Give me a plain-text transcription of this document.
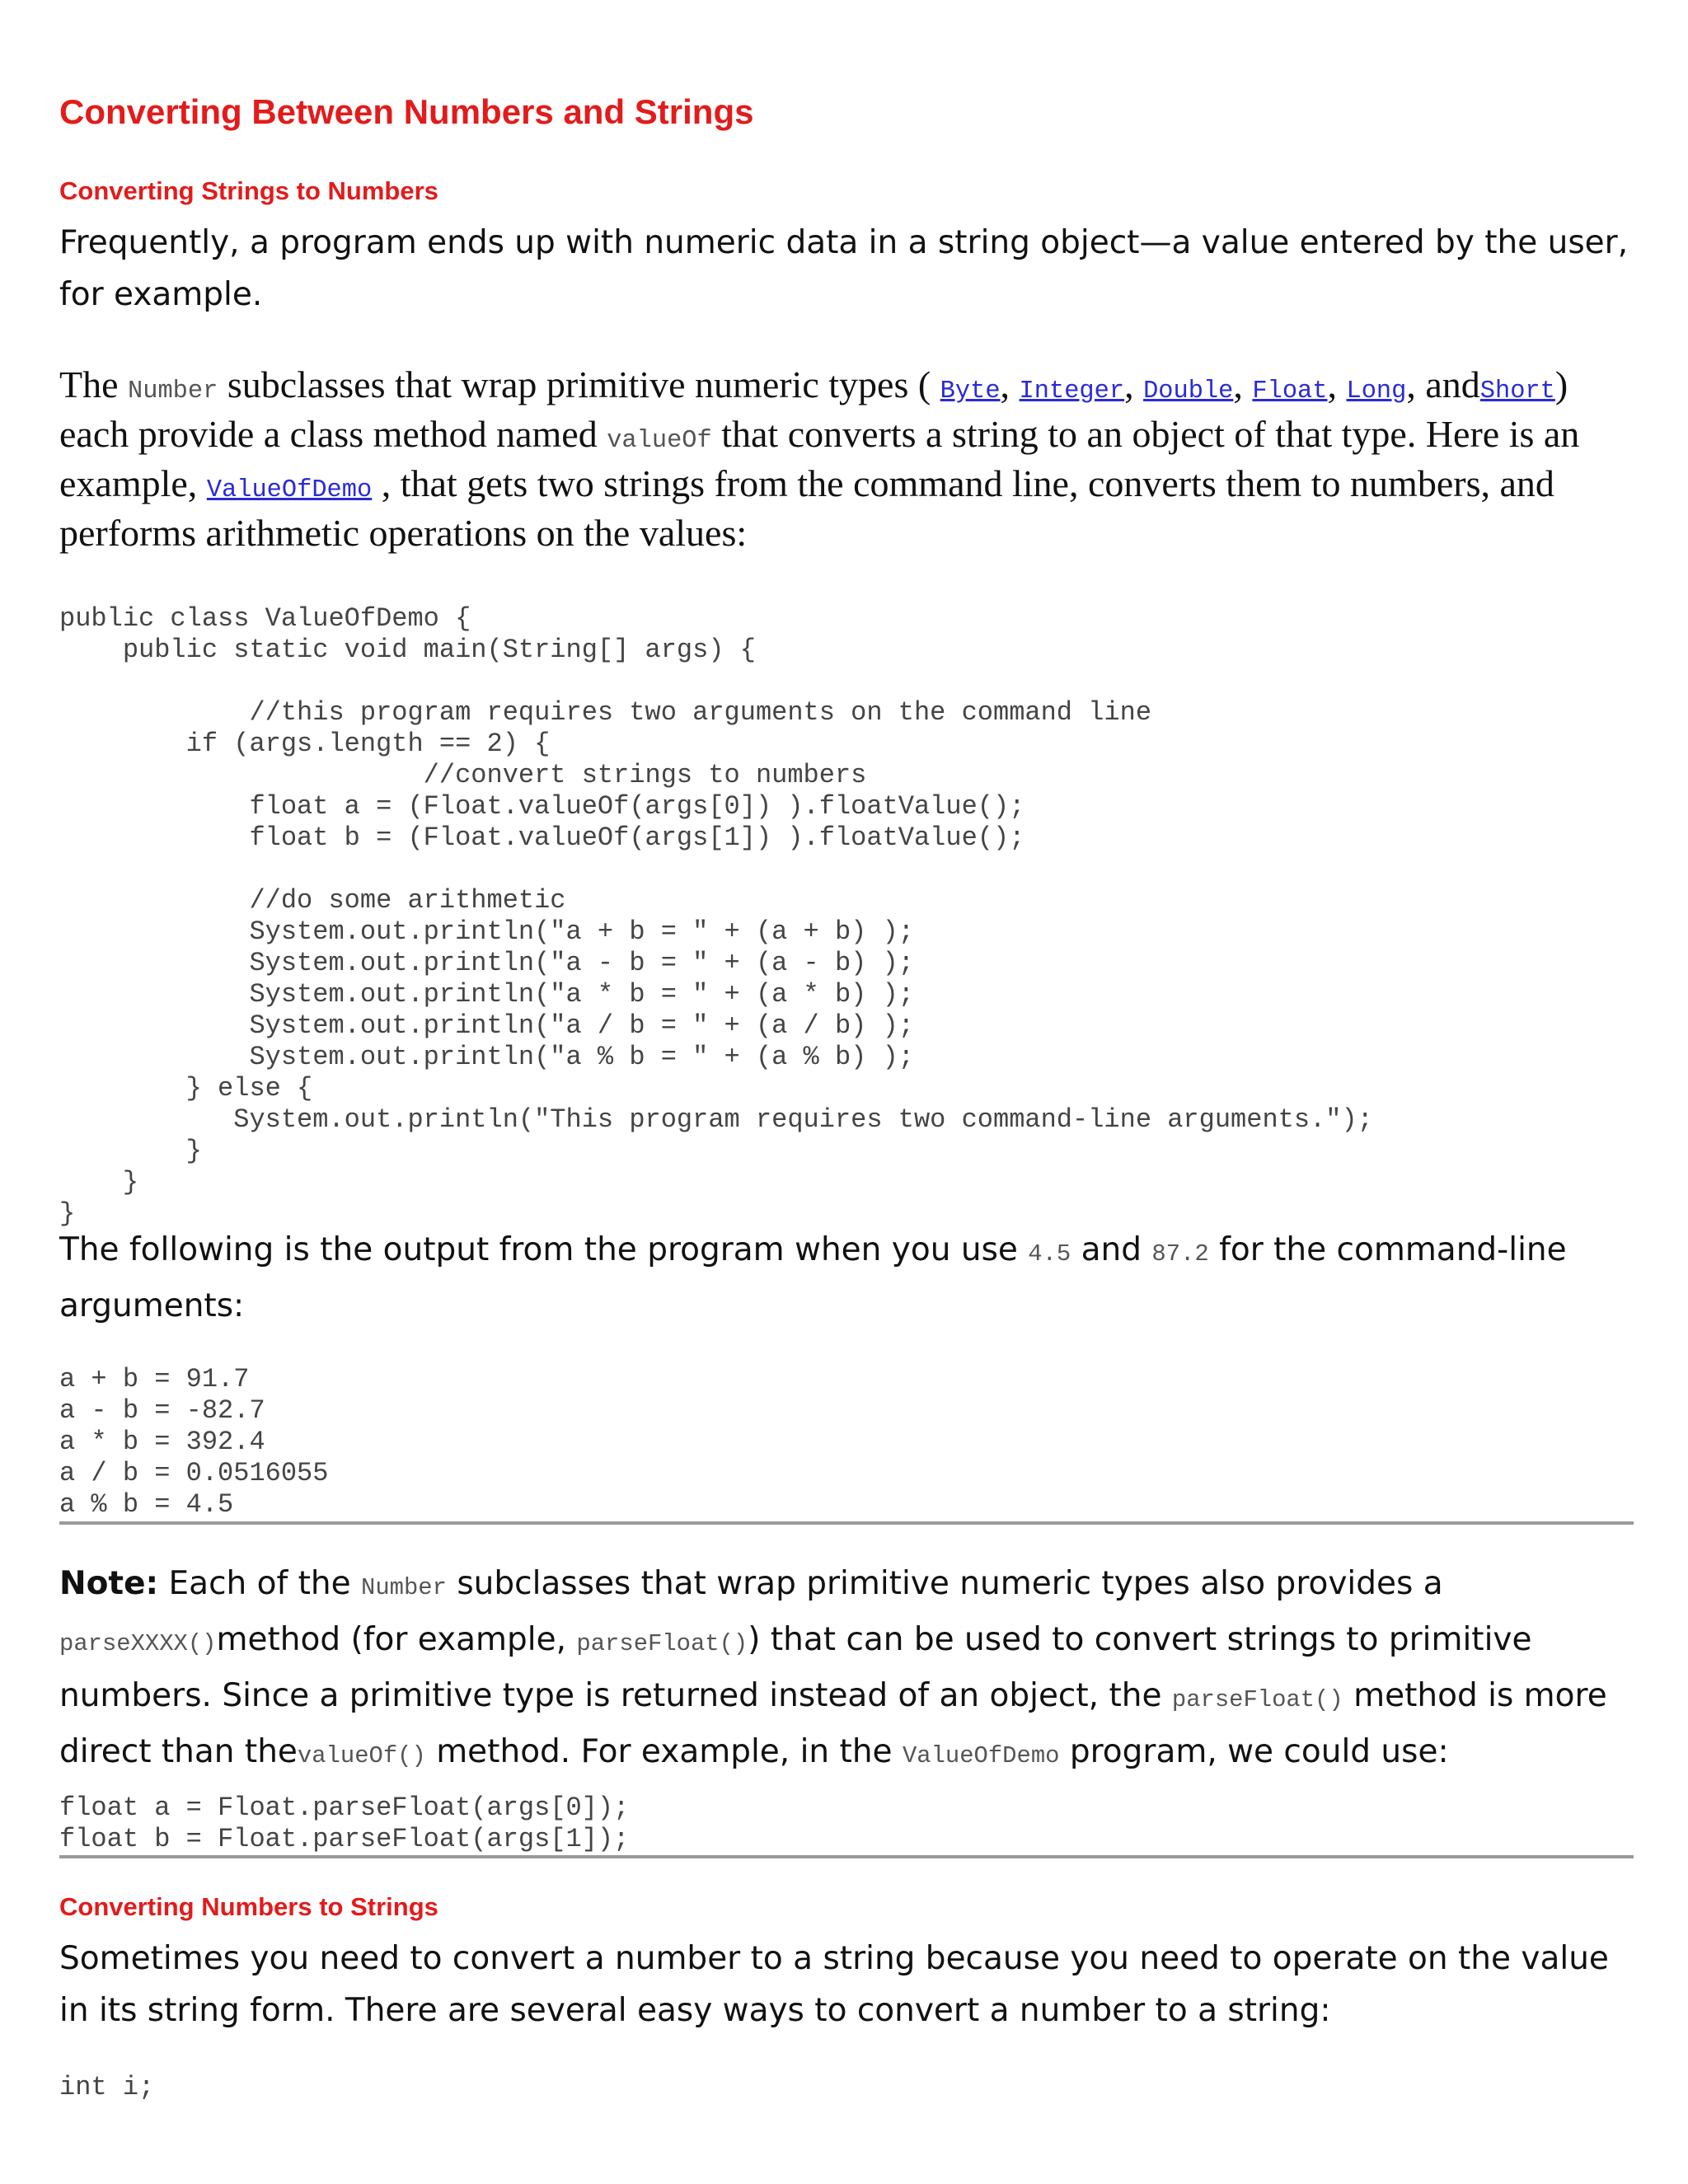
Converting Between Numbers and Strings
Converting Strings to Numbers

Frequently, a program ends up with numeric data in a string object—a value entered by the user, for example.

The Number subclasses that wrap primitive numeric types ( Byte, Integer, Double, Float, Long, andShort) each provide a class method named valueOf that converts a string to an object of that type. Here is an example, ValueOfDemo , that gets two strings from the command line, converts them to numbers, and performs arithmetic operations on the values:

public class ValueOfDemo {
public static void main(String[] args) {

//this program requires two arguments on the command line
if (args.length == 2) {
//convert strings to numbers
float a = (Float.valueOf(args[0]) ).floatValue();
float b = (Float.valueOf(args[1]) ).floatValue();

//do some arithmetic
System.out.println("a + b = " + (a + b) );
System.out.println("a - b = " + (a - b) );
System.out.println("a * b = " + (a * b) );
System.out.println("a / b = " + (a / b) );
System.out.println("a % b = " + (a % b) );
} else {
System.out.println("This program requires two command-line arguments.");
}
}
}

The following is the output from the program when you use 4.5 and 87.2 for the command-line arguments:

a + b = 91.7
a - b = -82.7
a * b = 392.4
a / b = 0.0516055
a % b = 4.5

Note: Each of the Number subclasses that wrap primitive numeric types also provides a parseXXXX()method (for example, parseFloat()) that can be used to convert strings to primitive numbers. Since a primitive type is returned instead of an object, the parseFloat() method is more direct than thevalueOf() method. For example, in the ValueOfDemo program, we could use:

float a = Float.parseFloat(args[0]);
float b = Float.parseFloat(args[1]);
Converting Numbers to Strings

Sometimes you need to convert a number to a string because you need to operate on the value in its string form. There are several easy ways to convert a number to a string:

int i;
